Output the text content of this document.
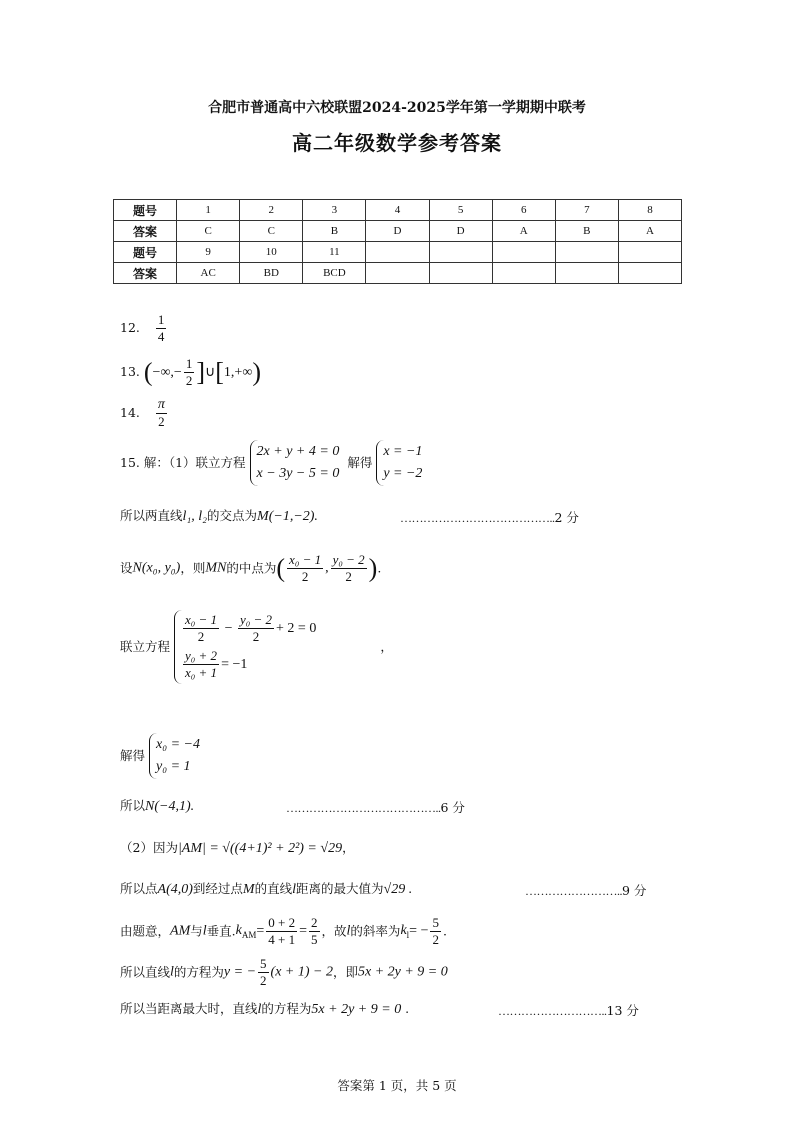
合肥市普通高中六校联盟2024-2025学年第一学期期中联考
高二年级数学参考答案
题号	1	2	3	4	5	6	7	8
答案	C	C	B	D	D	A	B	A
题号	9	10	11					
答案	AC	BD	BCD					
12. $\frac{1}{4}$
13. (−∞,− $\frac{1}{2}$ ]∪[1,+∞)
14. $\frac{\pi}{2}$
15. 解：（1）联立方程
2x + y + 4 = 0
x − 3y − 5 = 0
解得
x = −1
y = −2
所以两直线l₁, l₂的交点为M(−1,−2).	…………………………………..2 分
设N(x₀, y₀)，则MN的中点为( $\frac{\text{x₀ − 1}}{2}$ , $\frac{\text{y₀ − 2}}{2}$ ).
联立方程
$\frac{\text{x₀ − 1}}{2} - \frac{\text{y₀ − 2}}{2} + 2 = 0$
$\frac{\text{y₀ + 2}}{\text{x₀ + 1}} = -1$
，
解得
x₀ = −4
y₀ = 1
所以N(−4,1).	…………………………………..6 分
（2）因为|AM| = √((4+1)² + 2²) = √29，
所以点A(4,0)到经过点M的直线l距离的最大值为√29 .	……………………..9 分
由题意，AM与l垂直$.k_{AM}= \frac{0 + 2}{4 + 1} = \frac{2}{5}$ ，故l的斜率为$k_l= - \frac{5}{2}$ .
所以直线l的方程为y = − $\frac{5}{2} (x + 1) - 2$，即5x + 2y + 9 = 0
所以当距离最大时，直线l的方程为5x + 2y + 9 = 0 .	………………………..13 分
答案第 1 页，共 5 页
